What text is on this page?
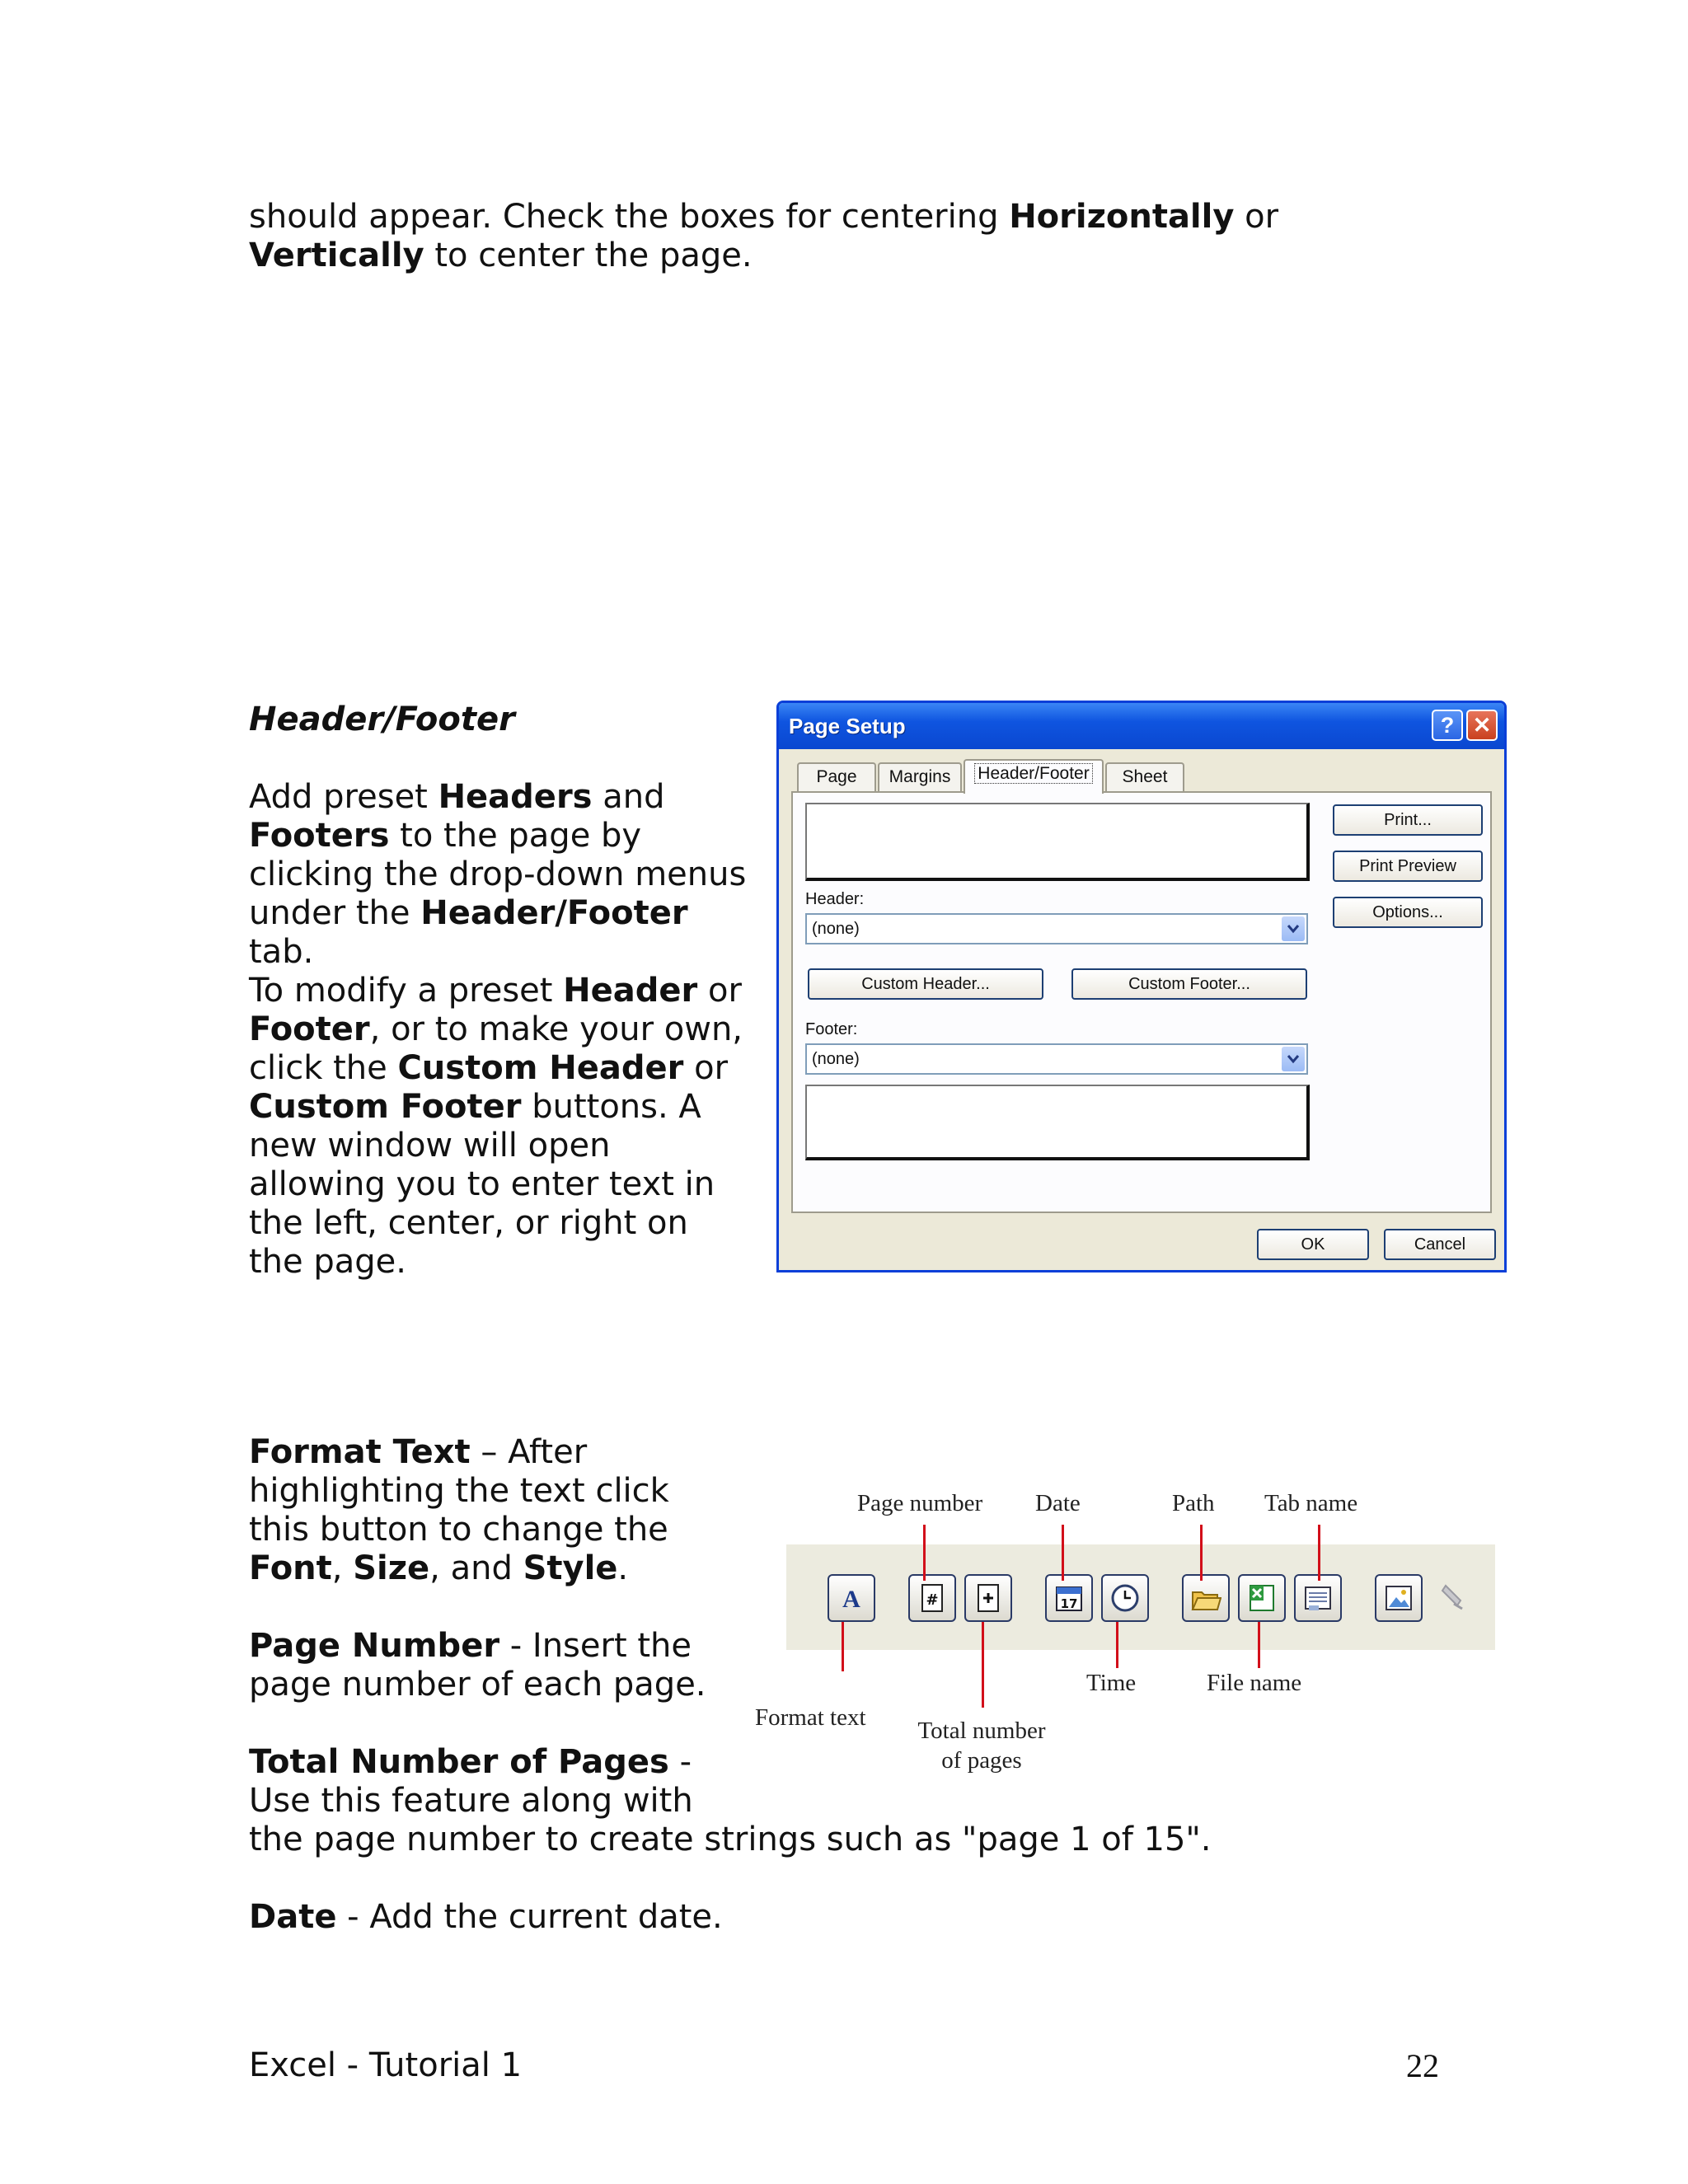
should appear. Check the boxes for centering Horizontally or
Vertically to center the page.
Header/Footer
Add preset Headers and
Footers to the page by
clicking the drop-down menus
under the Header/Footer
tab.
To modify a preset Header or
Footer, or to make your own,
click the Custom Header or
Custom Footer buttons. A
new window will open
allowing you to enter text in
the left, center, or right on
the page.
Page Setup	? ✕
Page	Margins	Header/Footer	Sheet
Header:
(none)
Custom Header...	Custom Footer...
Footer:
(none)
Print...
Print Preview
Options...
OK	Cancel
Format Text – After
highlighting the text click
this button to change the
Font, Size, and Style.
Page Number - Insert the
page number of each page.
Total Number of Pages -
Use this feature along with
the page number to create strings such as "page 1 of 15".
Date - Add the current date.
Page number Date	Path Tab name
A	#	17
Time	File name
Format text Total number
of pages
Excel - Tutorial 1	22
